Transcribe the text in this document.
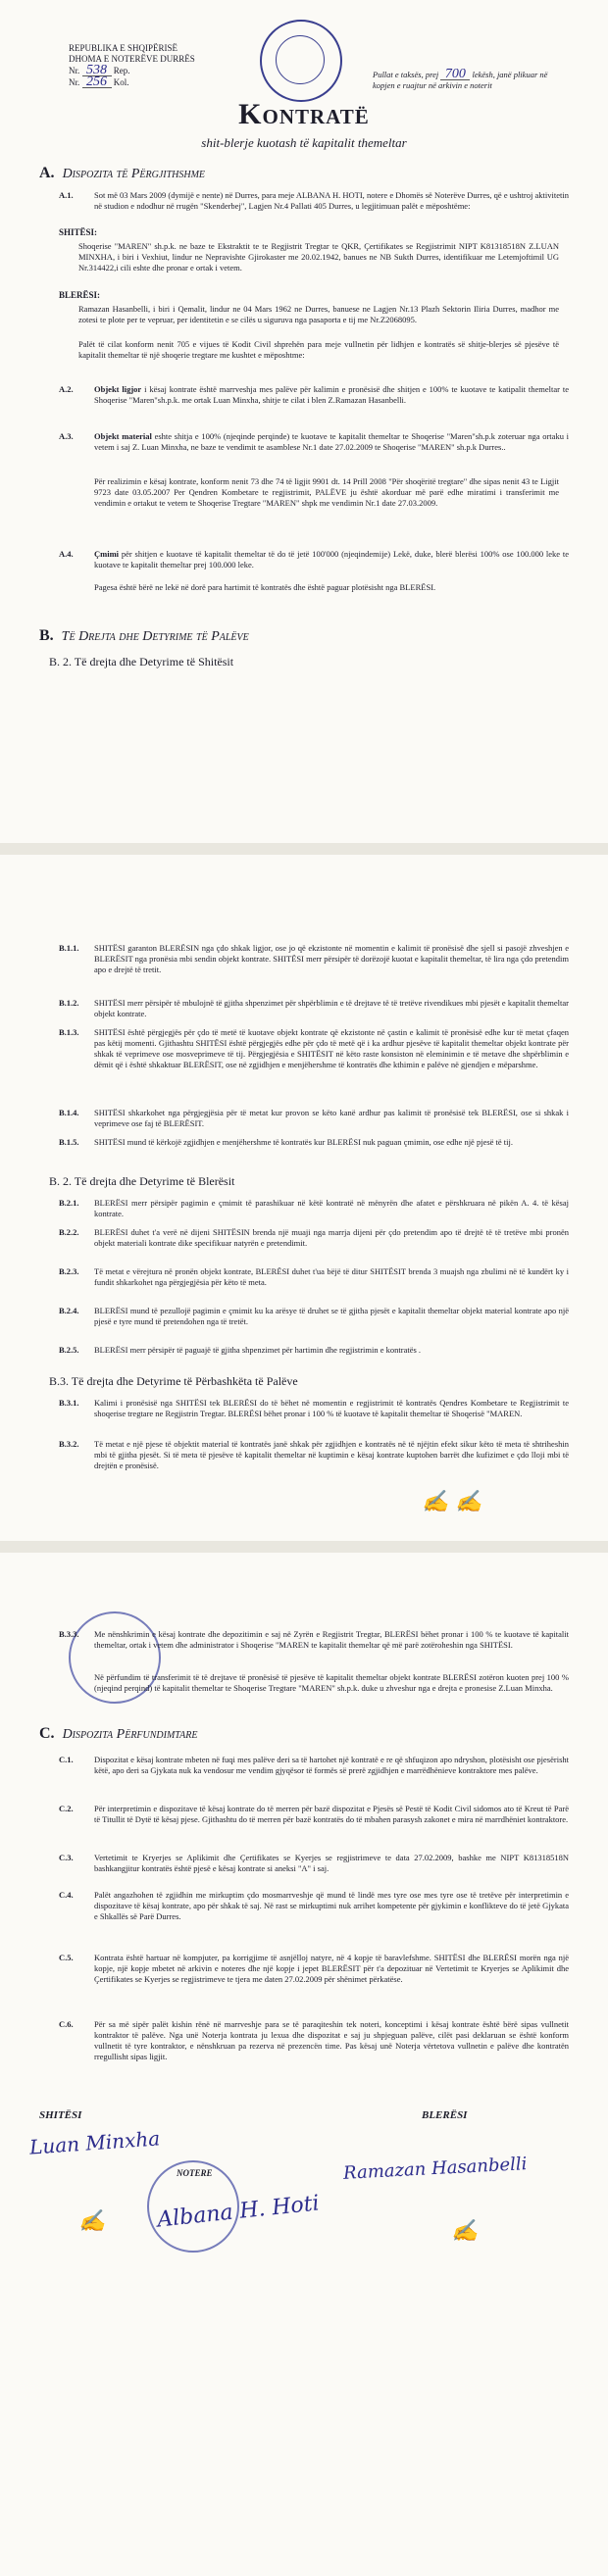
REPUBLIKA E SHQIPËRISË
DHOMA E NOTERËVE DURRËS
Nr. 538 Rep.
Nr. 256 Kol.
Pullat e taksës, prej 700 lekësh, janë plikuar në kopjen e ruajtur në arkivin e noterit
Kontratë
shit-blerje kuotash të kapitalit themeltar
A. Dispozita të Përgjithshme
A.1.	Sot më 03 Mars 2009 (dymijë e nente) në Durres, para meje ALBANA H. HOTI, notere e Dhomës së Noterëve Durres, që e ushtroj aktivitetin në studion e ndodhur në rrugën "Skenderbej", Lagjen Nr.4 Pallati 405 Durres, u legjitimuan palët e mëposhtëme:
SHITËSI:
Shoqerise "MAREN" sh.p.k. ne baze te Ekstraktit te te Regjistrit Tregtar te QKR, Çertifikates se Regjistrimit NIPT K81318518N Z.LUAN MINXHA, i biri i Vexhiut, lindur ne Nepravishte Gjirokaster me 20.02.1942, banues ne NB Sukth Durres, identifikuar me Letemjoftimil UG Nr.314422,i cili eshte dhe pronar e ortak i vetem.
BLERËSI:
Ramazan Hasanbelli, i biri i Qemalit, lindur ne 04 Mars 1962 ne Durres, banuese ne Lagjen Nr.13 Plazh Sektorin Iliria Durres, madhor me zotesi te plote per te vepruar, per identitetin e se cilës u siguruva nga pasaporta e tij me Nr.Z2068095.
Palët të cilat konform nenit 705 e vijues të Kodit Civil shprehën para meje vullnetin për lidhjen e kontratës së shitje-blerjes së pjesëve të kapitalit themeltar të një shoqerie tregtare me kushtet e mëposhtme:
A.2.	Objekt ligjor i kësaj kontrate është marrveshja mes palëve për kalimin e pronësisë dhe shitjen e 100% te kuotave te katipalit themeltar te Shoqerise "Maren"sh.p.k. me ortak Luan Minxha, shitje te cilat i blen Z.Ramazan Hasanbelli.
A.3.	Objekt material eshte shitja e 100% (njeqinde perqinde) te kuotave te kapitalit themeltar te Shoqerise "Maren"sh.p.k zoteruar nga ortaku i vetem i saj Z. Luan Minxha, ne baze te vendimit te asamblese Nr.1 date 27.02.2009 te Shoqerise "MAREN" sh.p.k Durres..
Për realizimin e kësaj kontrate, konform nenit 73 dhe 74 të ligjit 9901 dt. 14 Prill 2008 "Për shoqëritë tregtare" dhe sipas nenit 43 te Ligjit 9723 date 03.05.2007 Per Qendren Kombetare te regjistrimit, PALËVE ju është akorduar më parë edhe miratimi i transferimit me vendimin e ortakut te vetem te Shoqerise Tregtare "MAREN" shpk me vendimin Nr.1 date 27.03.2009.
A.4.	Çmimi për shitjen e kuotave të kapitalit themeltar të do të jetë 100'000 (njeqindemije) Lekë, duke, blerë blerësi 100% ose 100.000 leke te kuotave te kapitalit themeltar prej 100.000 leke.
Pagesa është bërë ne lekë në dorë para hartimit të kontratës dhe është paguar plotësisht nga BLERËSI.
B. Të Drejta dhe Detyrime të Palëve
B. 2. Të drejta dhe Detyrime të Shitësit
B.1.1.	SHITËSI garanton BLERËSIN nga çdo shkak ligjor, ose jo që ekzistonte në momentin e kalimit të pronësisë dhe sjell si pasojë zhveshjen e BLERËSIT nga pronësia mbi sendin objekt kontrate. SHITËSI merr përsipër të dorëzojë kuotat e kapitalit themeltar, të lira nga çdo pretendim apo e drejtë të tretit.
B.1.2.	SHITËSI merr përsipër të mbulojnë të gjitha shpenzimet për shpërblimin e të drejtave të të tretëve rivendikues mbi pjesët e kapitalit themeltar objekt kontrate.
B.1.3.	SHITËSI është përgjegjës për çdo të metë të kuotave objekt kontrate që ekzistonte në çastin e kalimit të pronësisë edhe kur të metat çfaqen pas këtij momenti. Gjithashtu SHITËSI është përgjegjës edhe për çdo të metë që i ka ardhur pjesëve të kapitalit themeltar objekt kontrate për shkak të veprimeve ose mosveprimeve të tij. Përgjegjësia e SHITËSIT në këto raste konsiston në eleminimin e të metave dhe shpërblimin e dëmit që i është shkaktuar BLERËSIT, ose në zgjidhjen e menjëhershme të kontratës dhe kthimin e palëve në gjendjen e mëparshme.
B.1.4.	SHITËSI shkarkohet nga përgjegjësia për të metat kur provon se këto kanë ardhur pas kalimit të pronësisë tek BLERËSI, ose si shkak i veprimeve ose faj të BLERËSIT.
B.1.5.	SHITËSI mund të kërkojë zgjidhjen e menjëhershme të kontratës kur BLERËSI nuk paguan çmimin, ose edhe një pjesë të tij.
B. 2. Të drejta dhe Detyrime të Blerësit
B.2.1.	BLERËSI merr përsipër pagimin e çmimit të parashikuar në këtë kontratë në mënyrën dhe afatet e përshkruara në pikën A. 4. të kësaj kontrate.
B.2.2.	BLERËSI duhet t'a verë në dijeni SHITËSIN brenda një muaji nga marrja dijeni për çdo pretendim apo të drejtë të të tretëve mbi pronën objekt materiali kontrate dike specifikuar natyrën e pretendimit.
B.2.3.	Të metat e vërejtura në pronën objekt kontrate, BLERËSI duhet t'ua bëjë të ditur SHITËSIT brenda 3 muajsh nga zbulimi në të kundërt ky i fundit shkarkohet nga përgjegjësia për këto të meta.
B.2.4.	BLERËSI mund të pezullojë pagimin e çmimit ku ka arësye të druhet se të gjitha pjesët e kapitalit themeltar objekt material kontrate apo një pjesë e tyre mund të pretendohen nga të tretët.
B.2.5.	BLERËSI merr përsipër të paguajë të gjitha shpenzimet për hartimin dhe regjistrimin e kontratës .
B.3. Të drejta dhe Detyrime të Përbashkëta të Palëve
B.3.1.	Kalimi i pronësisë nga SHITËSI tek BLERËSI do të bëhet në momentin e regjistrimit të kontratës Qendres Kombetare te Regjistrimit te shoqerise tregtare ne Regjistrin Tregtar. BLERËSI bëhet pronar i 100 % të kuotave të kapitalit themeltar të Shoqerisë "MAREN.
B.3.2.	Të metat e një pjese të objektit material të kontratës janë shkak për zgjidhjen e kontratës në të njëjtin efekt sikur këto të meta të shtriheshin mbi të gjitha pjesët. Si të meta të pjesëve të kapitalit themeltar në kuptimin e kësaj kontrate kuptohen barrët dhe kufizimet e çdo lloji mbi të drejtën e pronësisë.
✍ ✍
B.3.3.	Me nënshkrimin e kësaj kontrate dhe depozitimin e saj në Zyrën e Regjistrit Tregtar, BLERËSI bëhet pronar i 100 % te kuotave të kapitalit themeltar, ortak i vetem dhe administrator i Shoqerise "MAREN te kapitalit themeltar që më parë zotëroheshin nga SHITËSI.
Në përfundim të transferimit të të drejtave të pronësisë të pjesëve të kapitalit themeltar objekt kontrate BLERËSI zotëron kuoten prej 100 % (njeqind perqind) të kapitalit themeltar te Shoqerise Tregtare "MAREN" sh.p.k. duke u zhveshur nga e drejta e pronesise Z.Luan Minxha.
C. Dispozita Përfundimtare
C.1.	Dispozitat e kësaj kontrate mbeten në fuqi mes palëve deri sa të hartohet një kontratë e re që shfuqizon apo ndryshon, plotësisht ose pjesërisht këtë, apo deri sa Gjykata nuk ka vendosur me vendim gjyqësor të formës së prerë zgjidhjen e marrëdhënieve kontraktore mes palëve.
C.2.	Për interpretimin e dispozitave të kësaj kontrate do të merren për bazë dispozitat e Pjesës së Pestë të Kodit Civil sidomos ato të Kreut të Parë të Titullit të Dytë të kësaj pjese. Gjithashtu do të merren për bazë kontratës do të mbahen parasysh zakonet e mira në marrdhëniet kontraktore.
C.3.	Vertetimit te Kryerjes se Aplikimit dhe Çertifikates se Kyerjes se regjistrimeve te data 27.02.2009, bashke me NIPT K81318518N bashkangjitur kontratës është pjesë e kësaj kontrate si aneksi "A" i saj.
C.4.	Palët angazhohen të zgjidhin me mirkuptim çdo mosmarrveshje që mund të lindë mes tyre ose mes tyre ose të tretëve për interpretimin e dispozitave të kësaj kontrate, apo për shkak të saj. Në rast se mirkuptimi nuk arrihet kompetente për gjykimin e konfliktevе do të jetë Gjykata e Shkallës së Parë Durres.
C.5.	Kontrata është hartuar në kompjuter, pa korrigjime të asnjëlloj natyre, në 4 kopje të baravlefshme. SHITËSI dhe BLERËSI morën nga një kopje, një kopje mbetet në arkivin e noteres dhe një kopje i jepet BLERËSIT për t'a depozituar në Vertetimit te Kryerjes se Aplikimit dhe Çertifikates se Kyerjes se regjistrimeve te tjera me daten 27.02.2009 për shënimet përkatëse.
C.6.	Për sa më sipër palët kishin rënë në marrveshje para se të paraqiteshin tek noteri, konceptimi i kësaj kontrate është bërë sipas vullnetit kontraktor të palëve. Nga unë Noterja kontrata ju lexua dhe dispozitat e saj ju shpjeguan palëve, cilët pasi deklaruan se është konform vullnetit të tyre kontraktor, e nënshkruan pa rezerva në prezencën time. Pas kësaj unë Noterja vërtetova vullnetin e palëve dhe kontratën rregullisht sipas ligjit.
SHITËSI	BLERËSI
Luan Minxha
Ramazan Hasanbelli
NOTERE
Albana H. Hoti
✍	✍
